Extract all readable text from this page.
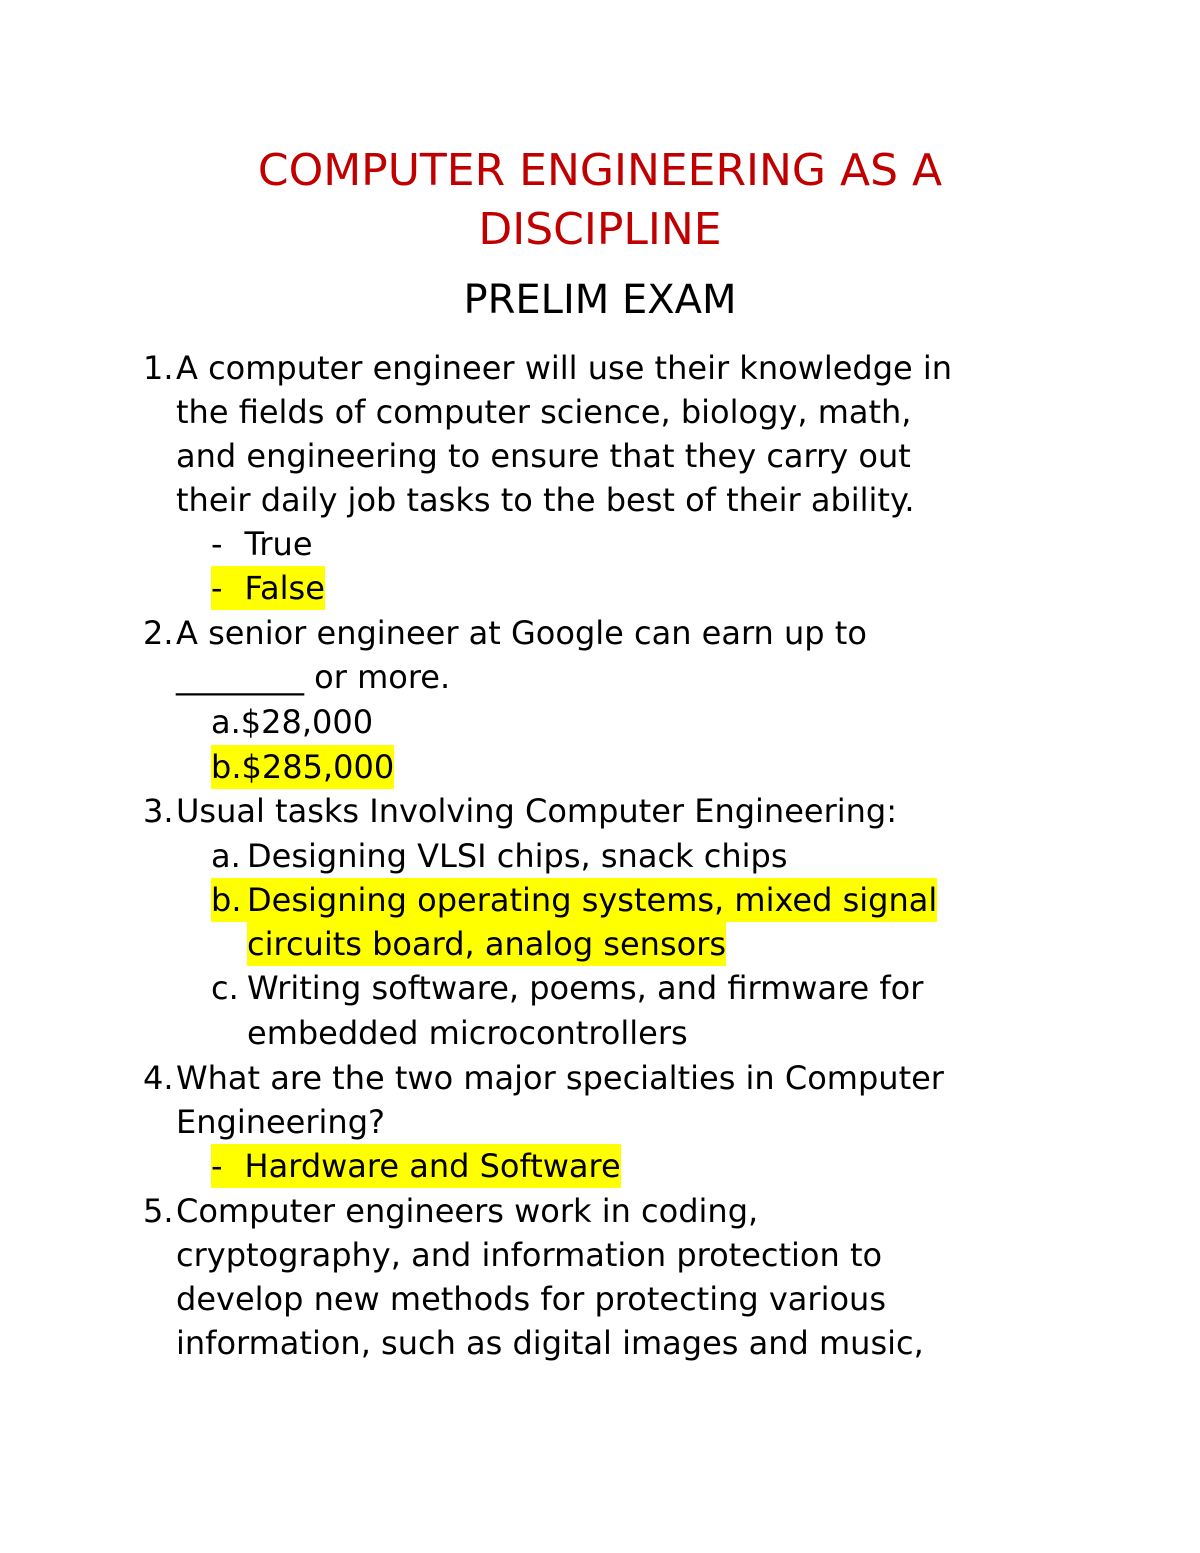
COMPUTER ENGINEERING AS A
DISCIPLINE
PRELIM EXAM
1. A computer engineer will use their knowledge in
the fields of computer science, biology, math,
and engineering to ensure that they carry out
their daily job tasks to the best of their ability.
- True
- False
2. A senior engineer at Google can earn up to
________ or more.
a.$28,000
b.$285,000
3. Usual tasks Involving Computer Engineering:
a. Designing VLSI chips, snack chips
b. Designing operating systems, mixed signal
circuits board, analog sensors
c. Writing software, poems, and firmware for
embedded microcontrollers
4. What are the two major specialties in Computer
Engineering?
- Hardware and Software
5. Computer engineers work in coding,
cryptography, and information protection to
develop new methods for protecting various
information, such as digital images and music,
